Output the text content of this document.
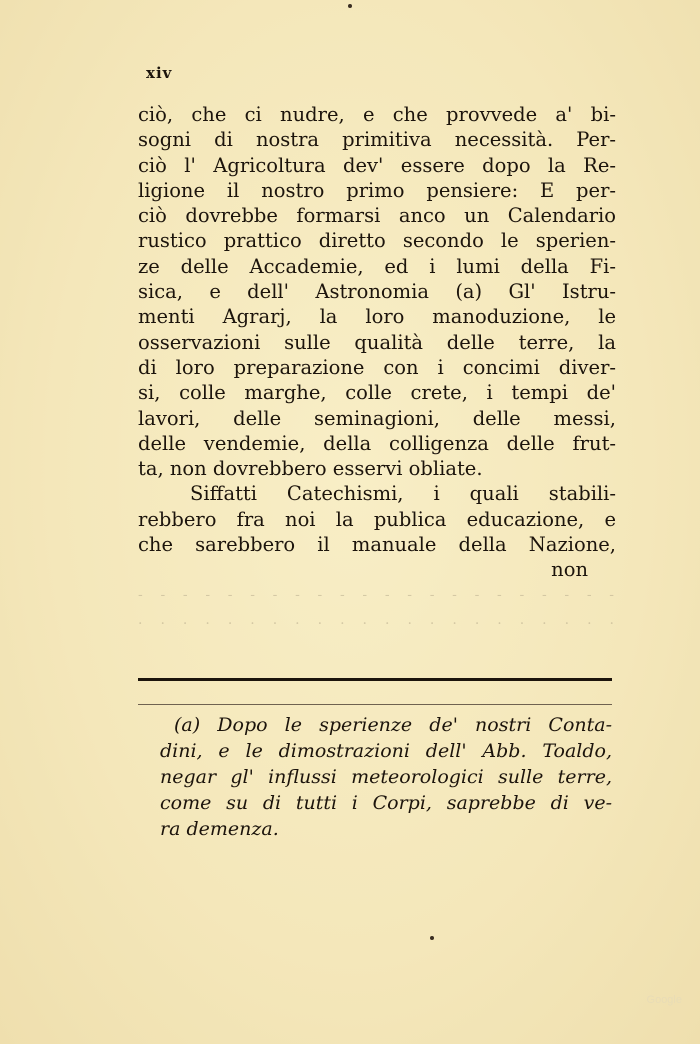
xiv
ciò, che ci nudre, e che provvede a' bi-
sogni di nostra primitiva necessità. Per-
ciò l' Agricoltura dev' essere dopo la Re-
ligione il nostro primo pensiere: E per-
ciò dovrebbe formarsi anco un Calendario
rustico prattico diretto secondo le sperien-
ze delle Accademie, ed i lumi della Fi-
sica, e dell' Astronomia (a) Gl' Istru-
menti Agrarj, la loro manoduzione, le
osservazioni sulle qualità delle terre, la
di loro preparazione con i concimi diver-
si, colle marghe, colle crete, i tempi de'
lavori, delle seminagioni, delle messi,
delle vendemie, della colligenza delle frut-
ta, non dovrebbero esservi obliate.
Siffatti Catechismi, i quali stabili-
rebbero fra noi la publica educazione, e
che sarebbero il manuale della Nazione,
non
- - - - - - - - - - - - - - - - - - - - - -
. . . . . . . . . . . . . . . . . . . . . .
(a) Dopo le sperienze de' nostri Conta-
dini, e le dimostrazioni dell' Abb. Toaldo,
negar gl' influssi meteorologici sulle terre,
come su di tutti i Corpi, saprebbe di ve-
ra demenza.
Google
